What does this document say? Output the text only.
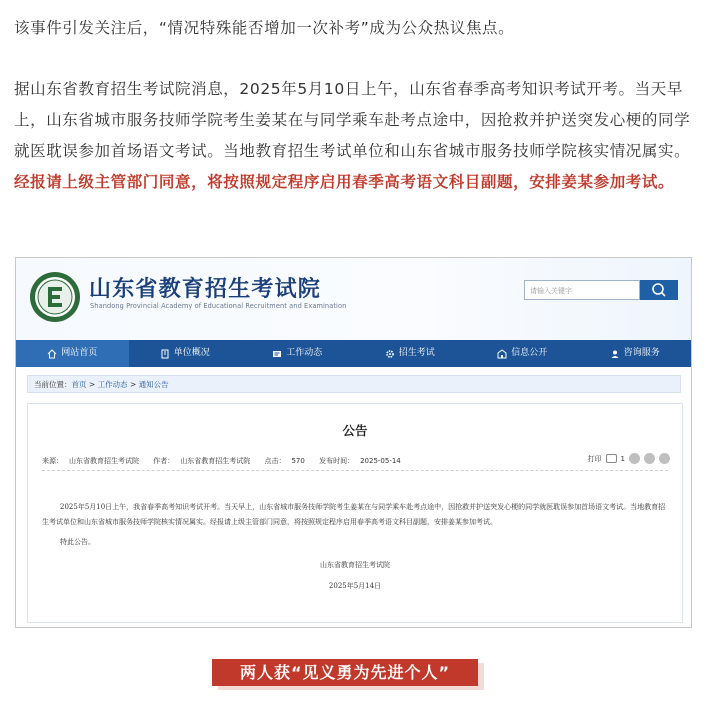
该事件引发关注后，“情况特殊能否增加一次补考”成为公众热议焦点。

据山东省教育招生考试院消息，2025年5月10日上午，山东省春季高考知识考试开考。当天早上，山东省城市服务技师学院考生姜某在与同学乘车赴考点途中，因抢救并护送突发心梗的同学就医耽误参加首场语文考试。当地教育招生考试单位和山东省城市服务技师学院核实情况属实。经报请上级主管部门同意，将按照规定程序启用春季高考语文科目副题，安排姜某参加考试。

山东省教育招生考试院
Shandong Provincial Academy of Educational Recruitment and Examination
请输入关键字
网站首页	单位概况	工作动态	招生考试	信息公开	咨询服务
当前位置：首页 > 工作动态 > 通知公告
公告
来源： 山东省教育招生考试院 作者： 山东省教育招生考试院 点击： 570 发布时间： 2025-05-14	打印	1
2025年5月10日上午，我省春季高考知识考试开考。当天早上，山东省城市服务技师学院考生姜某在与同学乘车赴考点途中，因抢救并护送突发心梗的同学就医耽误参加首场语文考试。当地教育招生考试单位和山东省城市服务技师学院核实情况属实。经报请上级主管部门同意，将按照规定程序启用春季高考语文科目副题，安排姜某参加考试。
特此公告。
山东省教育招生考试院
2025年5月14日
两人获“见义勇为先进个人”
